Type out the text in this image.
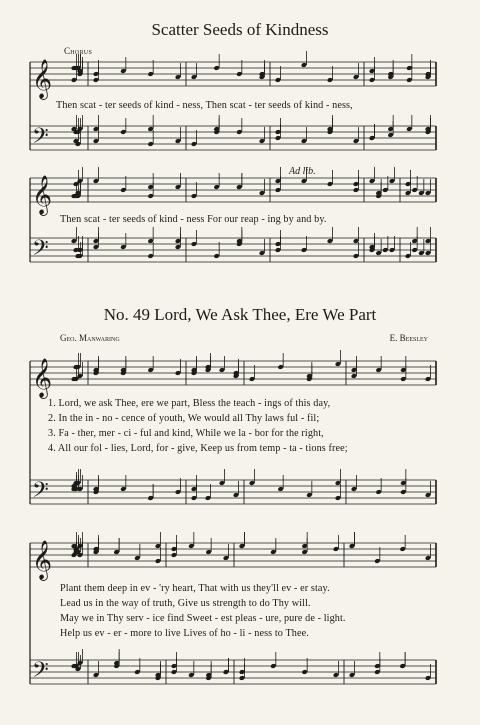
Scatter Seeds of Kindness
Chorus
Ad lib.
No. 49 Lord, We Ask Thee, Ere We Part
Geo. Manwaring	E. Beesley
Then scat - ter seeds of kind - ness, Then scat - ter seeds of kind - ness,
Then scat - ter seeds of kind - ness For our reap - ing by and by.
1. Lord, we ask Thee, ere we part, Bless the teach - ings of this day,
2. In the in - no - cence of youth, We would all Thy laws ful - fil;
3. Fa - ther, mer - ci - ful and kind, While we la - bor for the right,
4. All our fol - lies, Lord, for - give, Keep us from temp - ta - tions free;
Plant them deep in ev - 'ry heart, That with us they'll ev - er stay.
Lead us in the way of truth, Give us strength to do Thy will.
May we in Thy serv - ice find Sweet - est pleas - ure, pure de - light.
Help us ev - er - more to live Lives of ho - li - ness to Thee.
𝄞
𝄢
𝄞
𝄢
𝄞
𝄢
𝄞
𝄢
